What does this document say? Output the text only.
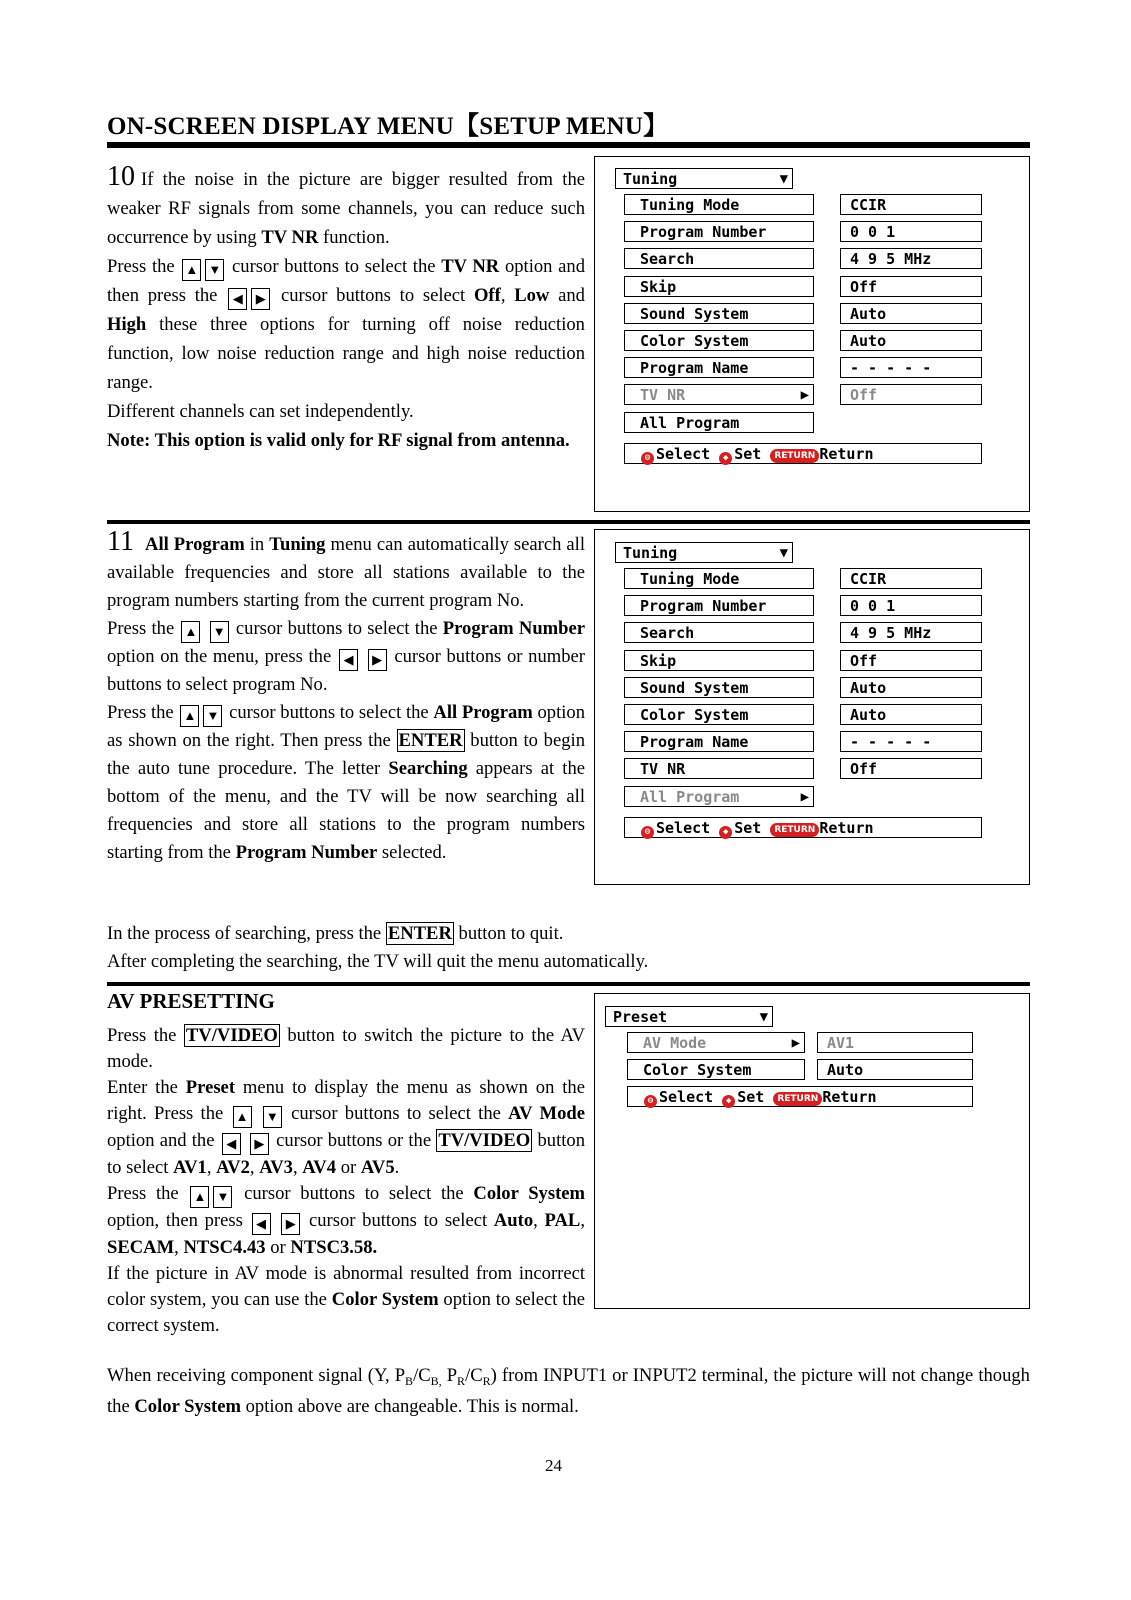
ON-SCREEN DISPLAY MENU【SETUP MENU】

10 If the noise in the picture are bigger resulted from the weaker RF signals from some channels, you can reduce such occurrence by using TV NR function.

Press the ▲ ▼ cursor buttons to select the TV NR option and then press the ◀ ▶ cursor buttons to select Off, Low and High these three options for turning off noise reduction function, low noise reduction range and high noise reduction range.

Different channels can set independently.

Note: This option is valid only for RF signal from antenna.

11 All Program in Tuning menu can automatically search all available frequencies and store all stations available to the program numbers starting from the current program No.

Press the ▲ ▼ cursor buttons to select the Program Number option on the menu, press the ◀ ▶ cursor buttons or number buttons to select program No.

Press the ▲ ▼ cursor buttons to select the All Program option as shown on the right. Then press the ENTER button to begin the auto tune procedure. The letter Searching appears at the bottom of the menu, and the TV will be now searching all frequencies and store all stations to the program numbers starting from the Program Number selected.

In the process of searching, press the ENTER button to quit.
After completing the searching, the TV will quit the menu automatically.
AV PRESETTING

Press the TV/VIDEO button to switch the picture to the AV mode.

Enter the Preset menu to display the menu as shown on the right. Press the ▲ ▼ cursor buttons to select the AV Mode option and the ◀ ▶ cursor buttons or the TV/VIDEO button to select AV1, AV2, AV3, AV4 or AV5.

Press the ▲ ▼ cursor buttons to select the Color System option, then press ◀ ▶ cursor buttons to select Auto, PAL, SECAM, NTSC4.43 or NTSC3.58.

If the picture in AV mode is abnormal resulted from incorrect color system, you can use the Color System option to select the correct system.

When receiving component signal (Y, $P_B/C_{B,}$ $P_R/C_R$) from INPUT1 or INPUT2 terminal, the picture will not change though the Color System option above are changeable. This is normal.
24
Tuning	▼
Tuning Mode	CCIR
Program Number	0 0 1
Search	4 9 5 MHz
Skip	Off
Sound System	Auto
Color System	Auto
Program Name	- - - - -
TV NR	▶	Off
All Program
⊖ Select ◆ Set RETURN Return
Tuning	▼
Tuning Mode	CCIR
Program Number	0 0 1
Search	4 9 5 MHz
Skip	Off
Sound System	Auto
Color System	Auto
Program Name	- - - - -
TV NR	Off
All Program	▶
⊖ Select ◆ Set RETURN Return
Preset	▼
AV Mode	▶	AV1
Color System	Auto
⊖ Select ◆ Set RETURN Return
